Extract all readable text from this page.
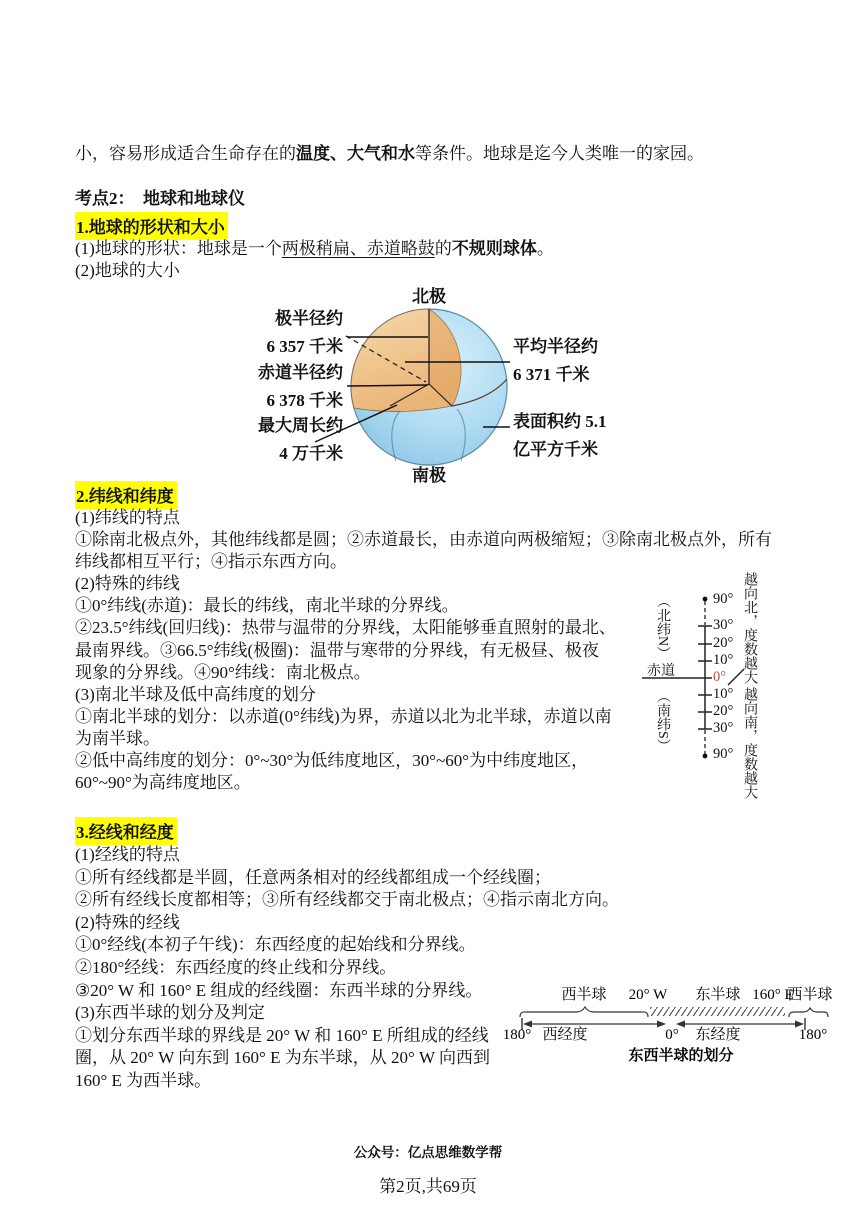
小，容易形成适合生命存在的温度、大气和水等条件。地球是迄今人类唯一的家园。
考点2：　地球和地球仪
1.地球的形状和大小
(1)地球的形状：地球是一个两极稍扁、赤道略鼓的不规则球体。
(2)地球的大小
北极
南极
极半径约
6 357 千米
赤道半径约
6 378 千米
最大周长约
4 万千米
平均半径约
6 371 千米
表面积约 5.1
亿平方千米
2.纬线和纬度
(1)纬线的特点
①除南北极点外，其他纬线都是圆；②赤道最长，由赤道向两极缩短；③除南北极点外，所有
纬线都相互平行；④指示东西方向。
(2)特殊的纬线
①0°纬线(赤道)：最长的纬线，南北半球的分界线。
②23.5°纬线(回归线)：热带与温带的分界线，太阳能够垂直照射的最北、
最南界线。③66.5°纬线(极圈)：温带与寒带的分界线，有无极昼、极夜
现象的分界线。④90°纬线：南北极点。
(3)南北半球及低中高纬度的划分
①南北半球的划分：以赤道(0°纬线)为界，赤道以北为北半球，赤道以南
为南半球。
②低中高纬度的划分：0°~30°为低纬度地区，30°~60°为中纬度地区，
60°~90°为高纬度地区。
90°
30°
20°
10°
0°
10°
20°
30°
90°
（北纬N）
赤道
（南纬S）
越向北，度数越大
越向南，度数越大
3.经线和经度
(1)经线的特点
①所有经线都是半圆，任意两条相对的经线都组成一个经线圈；
②所有经线长度都相等；③所有经线都交于南北极点；④指示南北方向。
(2)特殊的经线
①0°经线(本初子午线)：东西经度的起始线和分界线。
②180°经线：东西经度的终止线和分界线。
③20° W 和 160° E 组成的经线圈：东西半球的分界线。
(3)东西半球的划分及判定
①划分东西半球的界线是 20° W 和 160° E 所组成的经线
圈，从 20° W 向东到 160° E 为东半球，从 20° W 向西到
160° E 为西半球。
西半球 20° W 东半球 160° E
西半球
180° 西经度	0° 东经度	180°
东西半球的划分
公众号：亿点思维数学帮
第2页,共69页
